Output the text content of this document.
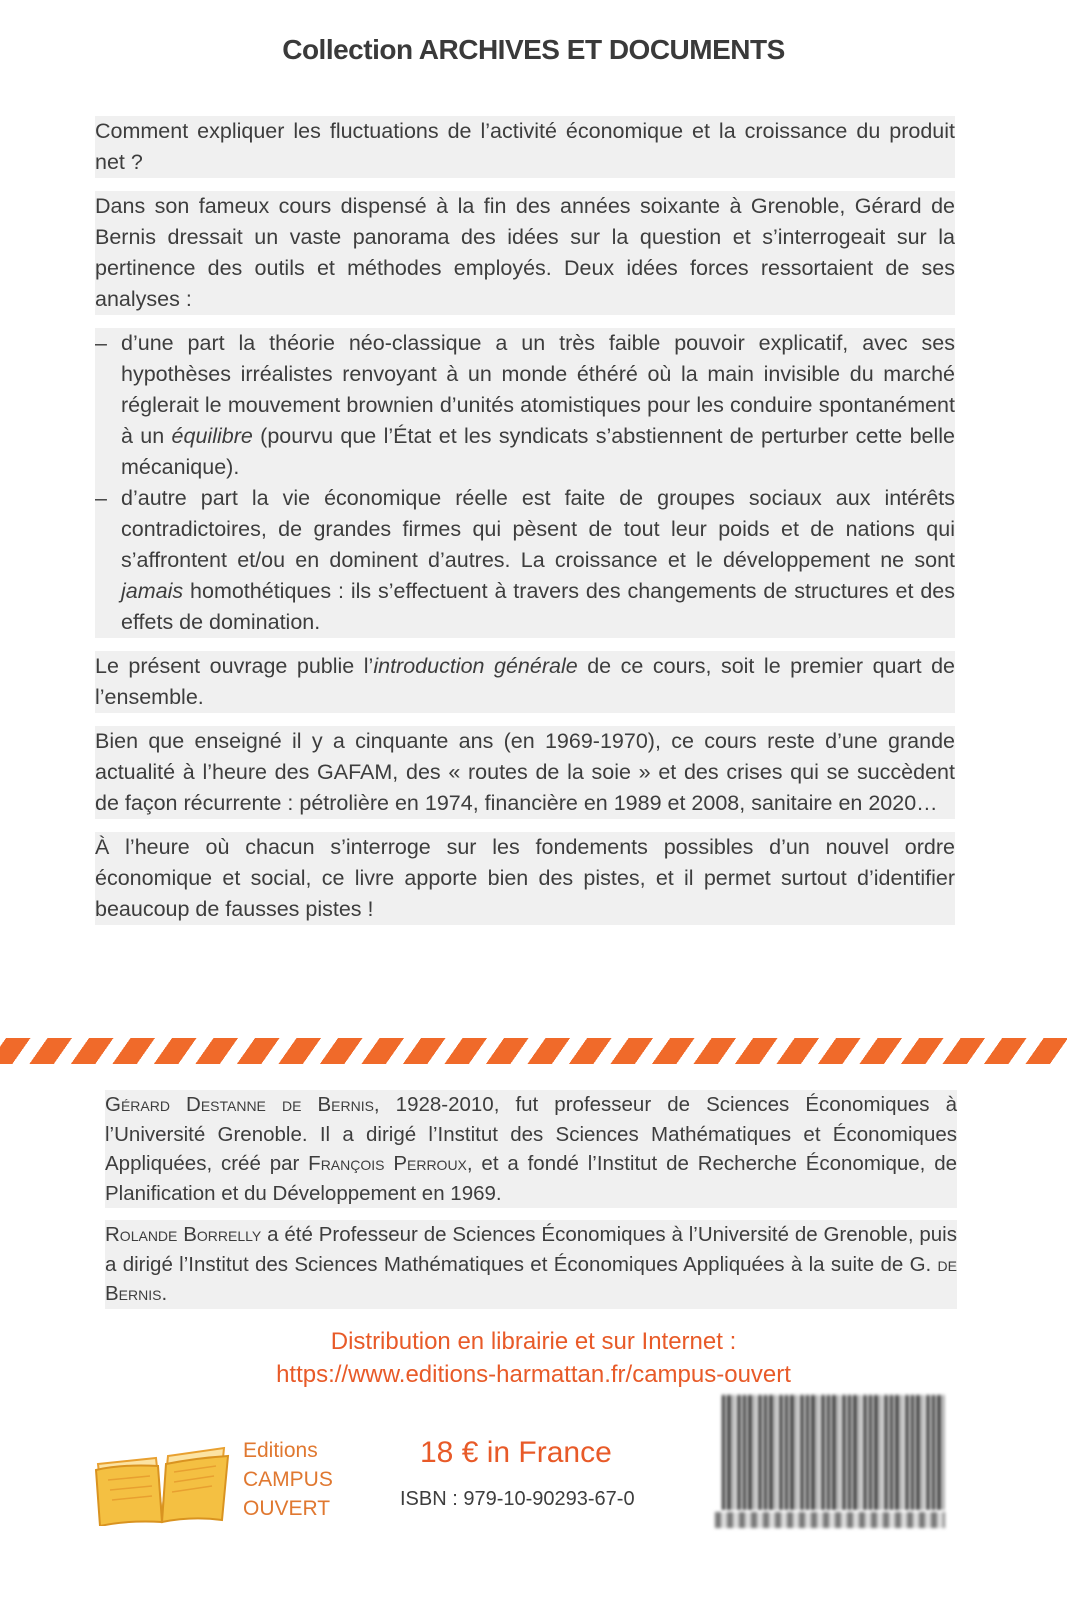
Collection ARCHIVES ET DOCUMENTS

Comment expliquer les fluctuations de l’activité économique et la croissance du produit net ?

Dans son fameux cours dispensé à la fin des années soixante à Grenoble, Gérard de Bernis dressait un vaste panorama des idées sur la question et s’interrogeait sur la pertinence des outils et méthodes employés. Deux idées forces ressortaient de ses analyses :

– d’une part la théorie néo-classique a un très faible pouvoir explicatif, avec ses hypothèses irréalistes renvoyant à un monde éthéré où la main invisible du marché réglerait le mouvement brownien d’unités atomistiques pour les conduire spontanément à un équilibre (pourvu que l’État et les syndicats s’abstiennent de perturber cette belle mécanique).
– d’autre part la vie économique réelle est faite de groupes sociaux aux intérêts contradictoires, de grandes firmes qui pèsent de tout leur poids et de nations qui s’affrontent et/ou en dominent d’autres. La croissance et le développement ne sont jamais homothétiques : ils s’effectuent à travers des changements de structures et des effets de domination.

Le présent ouvrage publie l’introduction générale de ce cours, soit le premier quart de l’ensemble.

Bien que enseigné il y a cinquante ans (en 1969-1970), ce cours reste d’une grande actualité à l’heure des GAFAM, des « routes de la soie » et des crises qui se succèdent de façon récurrente : pétrolière en 1974, financière en 1989 et 2008, sanitaire en 2020…

À l’heure où chacun s’interroge sur les fondements possibles d’un nouvel ordre économique et social, ce livre apporte bien des pistes, et il permet surtout d’identifier beaucoup de fausses pistes !

Gérard Destanne de Bernis, 1928-2010, fut professeur de Sciences Économiques à l’Université Grenoble. Il a dirigé l’Institut des Sciences Mathématiques et Économiques Appliquées, créé par François Perroux, et a fondé l’Institut de Recherche Économique, de Planification et du Développement en 1969.

Rolande Borrelly a été Professeur de Sciences Économiques à l’Université de Grenoble, puis a dirigé l’Institut des Sciences Mathématiques et Économiques Appliquées à la suite de G. de Bernis.

Distribution en librairie et sur Internet :
https://www.editions-harmattan.fr/campus-ouvert
Editions
CAMPUS
OUVERT
18 € in France
ISBN : 979-10-90293-67-0
